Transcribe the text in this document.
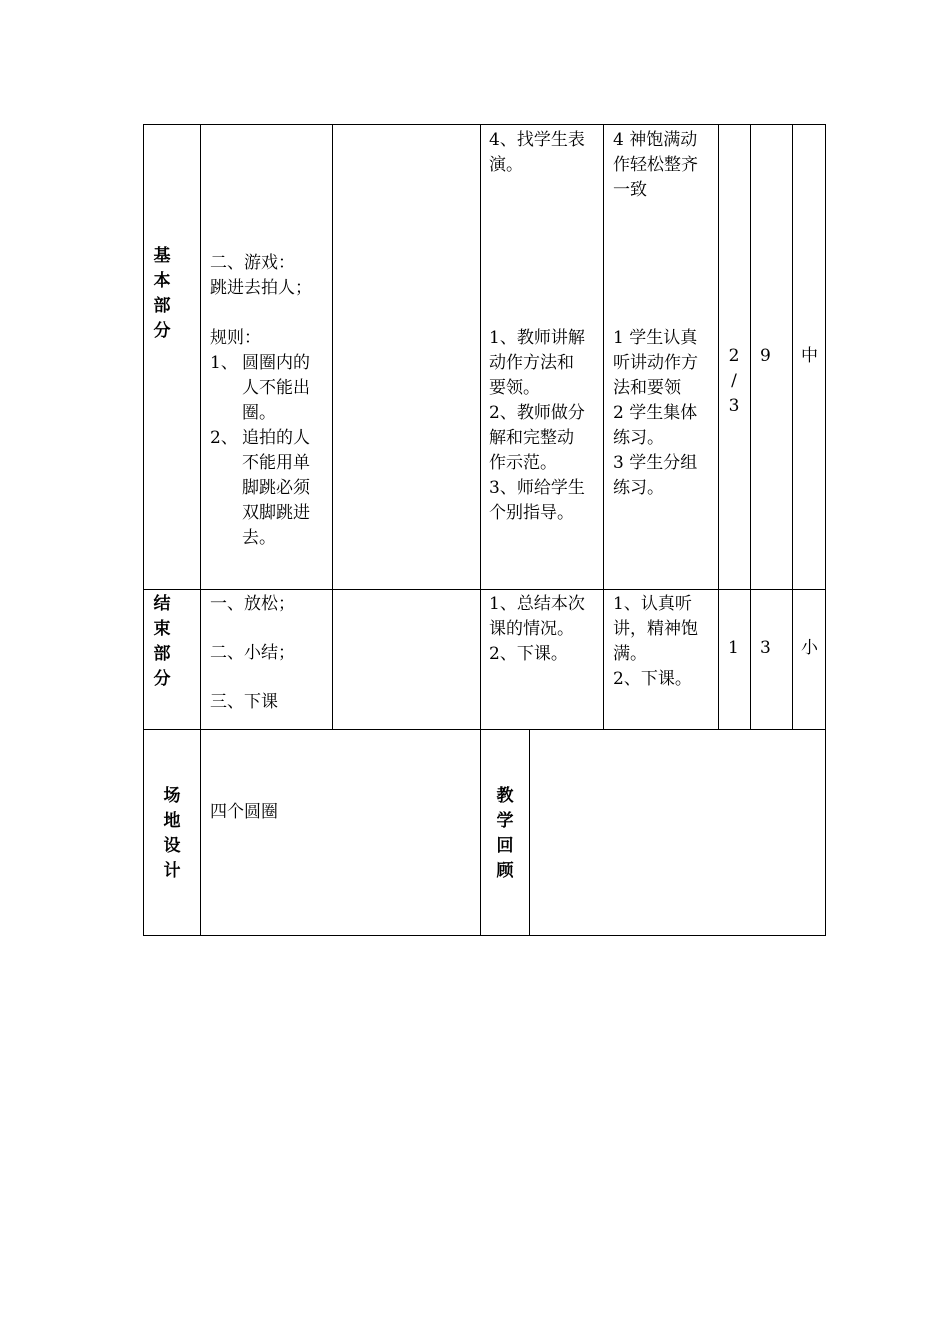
基
本
部
分
二、游戏：
跳进去拍人；
规则：
1、 圆圈内的人不能出圈。
2、 追拍的人不能用单脚跳必须双脚跳进去。
4、找学生表
演。
1、教师讲解
动作方法和
要领。
2、教师做分
解和完整动
作示范。
3、师给学生
个别指导。
4 神饱满动
作轻松整齐
一致
1 学生认真
听讲动作方
法和要领
2 学生集体
练习。
3 学生分组
练习。
2
/
3
9 中
结
束
部
分
一、放松；
二、小结；
三、下课
1、总结本次
课的情况。
2、下课。
1、认真听
讲，精神饱
满。
2、下课。
1 3 小
场
地
设
计
四个圆圈
教
学
回
顾
